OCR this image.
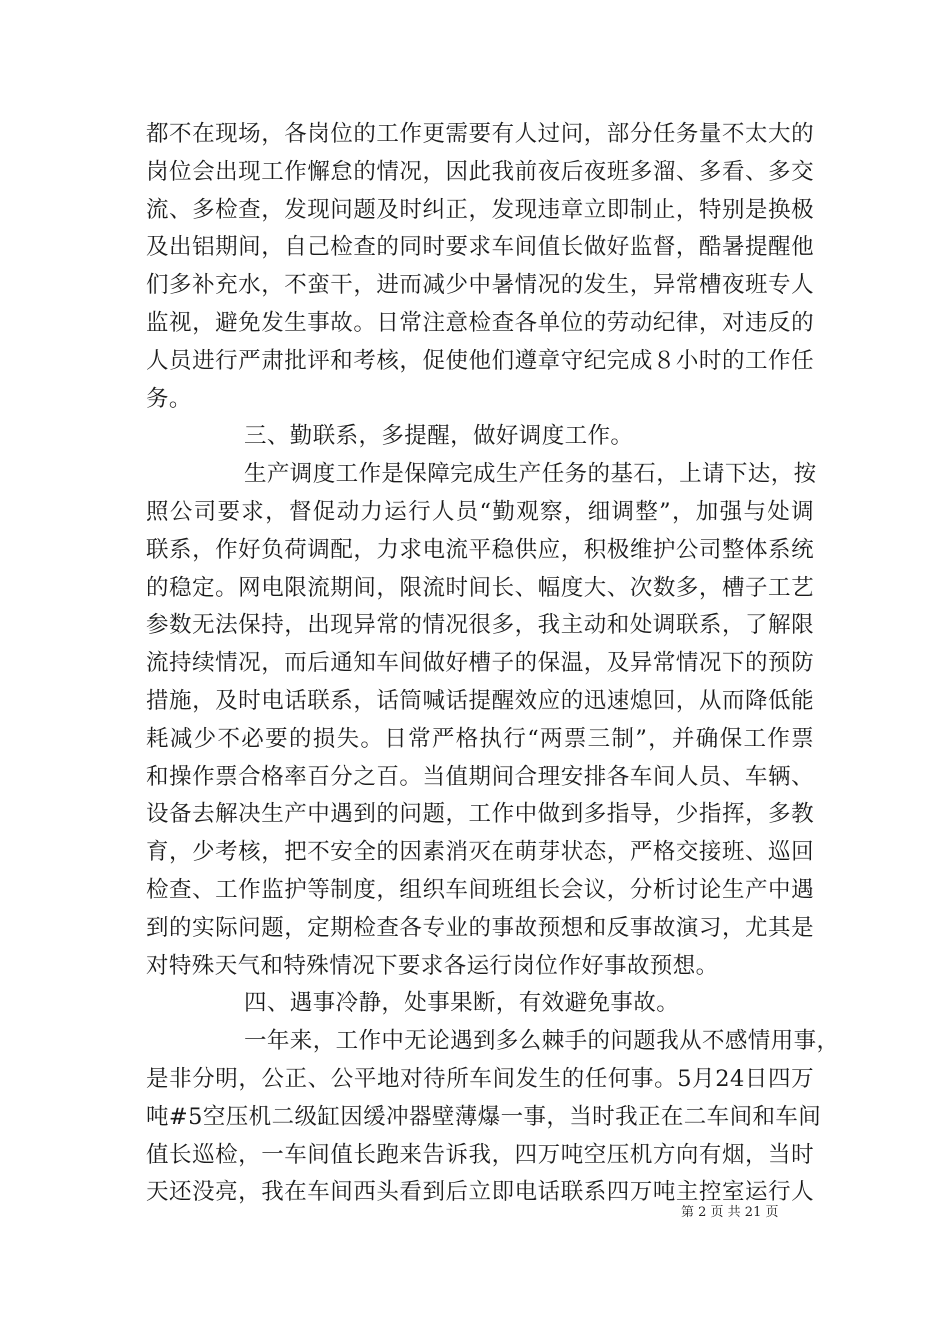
都不在现场，各岗位的工作更需要有人过问，部分任务量不太大的
岗位会出现工作懈怠的情况，因此我前夜后夜班多溜、多看、多交
流、多检查，发现问题及时纠正，发现违章立即制止，特别是换极
及出铝期间，自己检查的同时要求车间值长做好监督，酷暑提醒他
们多补充水，不蛮干，进而减少中暑情况的发生，异常槽夜班专人
监视，避免发生事故。日常注意检查各单位的劳动纪律，对违反的
人员进行严肃批评和考核，促使他们遵章守纪完成８小时的工作任
务。
三、勤联系，多提醒，做好调度工作。
生产调度工作是保障完成生产任务的基石，上请下达，按
照公司要求，督促动力运行人员“勤观察，细调整”，加强与处调
联系，作好负荷调配，力求电流平稳供应，积极维护公司整体系统
的稳定。网电限流期间，限流时间长、幅度大、次数多，槽子工艺
参数无法保持，出现异常的情况很多，我主动和处调联系，了解限
流持续情况，而后通知车间做好槽子的保温，及异常情况下的预防
措施，及时电话联系，话筒喊话提醒效应的迅速熄回，从而降低能
耗减少不必要的损失。日常严格执行“两票三制”，并确保工作票
和操作票合格率百分之百。当值期间合理安排各车间人员、车辆、
设备去解决生产中遇到的问题，工作中做到多指导，少指挥，多教
育，少考核，把不安全的因素消灭在萌芽状态，严格交接班、巡回
检查、工作监护等制度，组织车间班组长会议，分析讨论生产中遇
到的实际问题，定期检查各专业的事故预想和反事故演习，尤其是
对特殊天气和特殊情况下要求各运行岗位作好事故预想。
四、遇事冷静，处事果断，有效避免事故。
一年来，工作中无论遇到多么棘手的问题我从不感情用事，
是非分明，公正、公平地对待所车间发生的任何事。5月24日四万
吨#5空压机二级缸因缓冲器壁薄爆一事，当时我正在二车间和车间
值长巡检，一车间值长跑来告诉我，四万吨空压机方向有烟，当时
天还没亮，我在车间西头看到后立即电话联系四万吨主控室运行人
第 2 页 共 21 页
